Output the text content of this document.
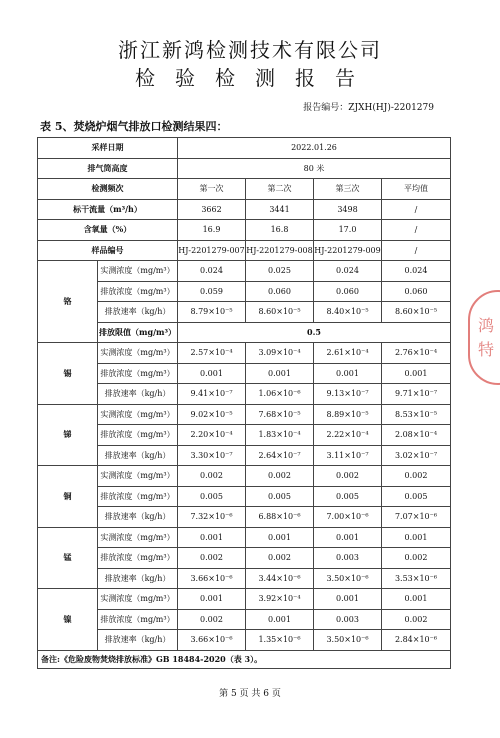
浙江新鸿检测技术有限公司
检验检测报告
报告编号：ZJXH(HJ)-2201279
表 5、焚烧炉烟气排放口检测结果四：
采样日期		2022.01.26			
排气筒高度		80 米			
检测频次		第一次	第二次	第三次	平均值
标干流量（m³/h）		3662	3441	3498	/
含氧量（%）		16.9	16.8	17.0	/
样品编号		HJ-2201279-007	HJ-2201279-008	HJ-2201279-009	/
铬	实测浓度（mg/m³）	0.024	0.025	0.024	0.024
	排放浓度（mg/m³）	0.059	0.060	0.060	0.060
	排放速率（kg/h）	8.79×10⁻⁵	8.60×10⁻⁵	8.40×10⁻⁵	8.60×10⁻⁵
	排放限值（mg/m³）	0.5			
锡	实测浓度（mg/m³）	2.57×10⁻⁴	3.09×10⁻⁴	2.61×10⁻⁴	2.76×10⁻⁴
	排放浓度（mg/m³）	0.001	0.001	0.001	0.001
	排放速率（kg/h）	9.41×10⁻⁷	1.06×10⁻⁶	9.13×10⁻⁷	9.71×10⁻⁷
锑	实测浓度（mg/m³）	9.02×10⁻⁵	7.68×10⁻⁵	8.89×10⁻⁵	8.53×10⁻⁵
	排放浓度（mg/m³）	2.20×10⁻⁴	1.83×10⁻⁴	2.22×10⁻⁴	2.08×10⁻⁴
	排放速率（kg/h）	3.30×10⁻⁷	2.64×10⁻⁷	3.11×10⁻⁷	3.02×10⁻⁷
铜	实测浓度（mg/m³）	0.002	0.002	0.002	0.002
	排放浓度（mg/m³）	0.005	0.005	0.005	0.005
	排放速率（kg/h）	7.32×10⁻⁶	6.88×10⁻⁶	7.00×10⁻⁶	7.07×10⁻⁶
锰	实测浓度（mg/m³）	0.001	0.001	0.001	0.001
	排放浓度（mg/m³）	0.002	0.002	0.003	0.002
	排放速率（kg/h）	3.66×10⁻⁶	3.44×10⁻⁶	3.50×10⁻⁶	3.53×10⁻⁶
镍	实测浓度（mg/m³）	0.001	3.92×10⁻⁴	0.001	0.001
	排放浓度（mg/m³）	0.002	0.001	0.003	0.002
	排放速率（kg/h）	3.66×10⁻⁶	1.35×10⁻⁶	3.50×10⁻⁶	2.84×10⁻⁶
备注:《危险废物焚烧排放标准》GB 18484-2020（表 3）。					
第 5 页 共 6 页
鸿
特
